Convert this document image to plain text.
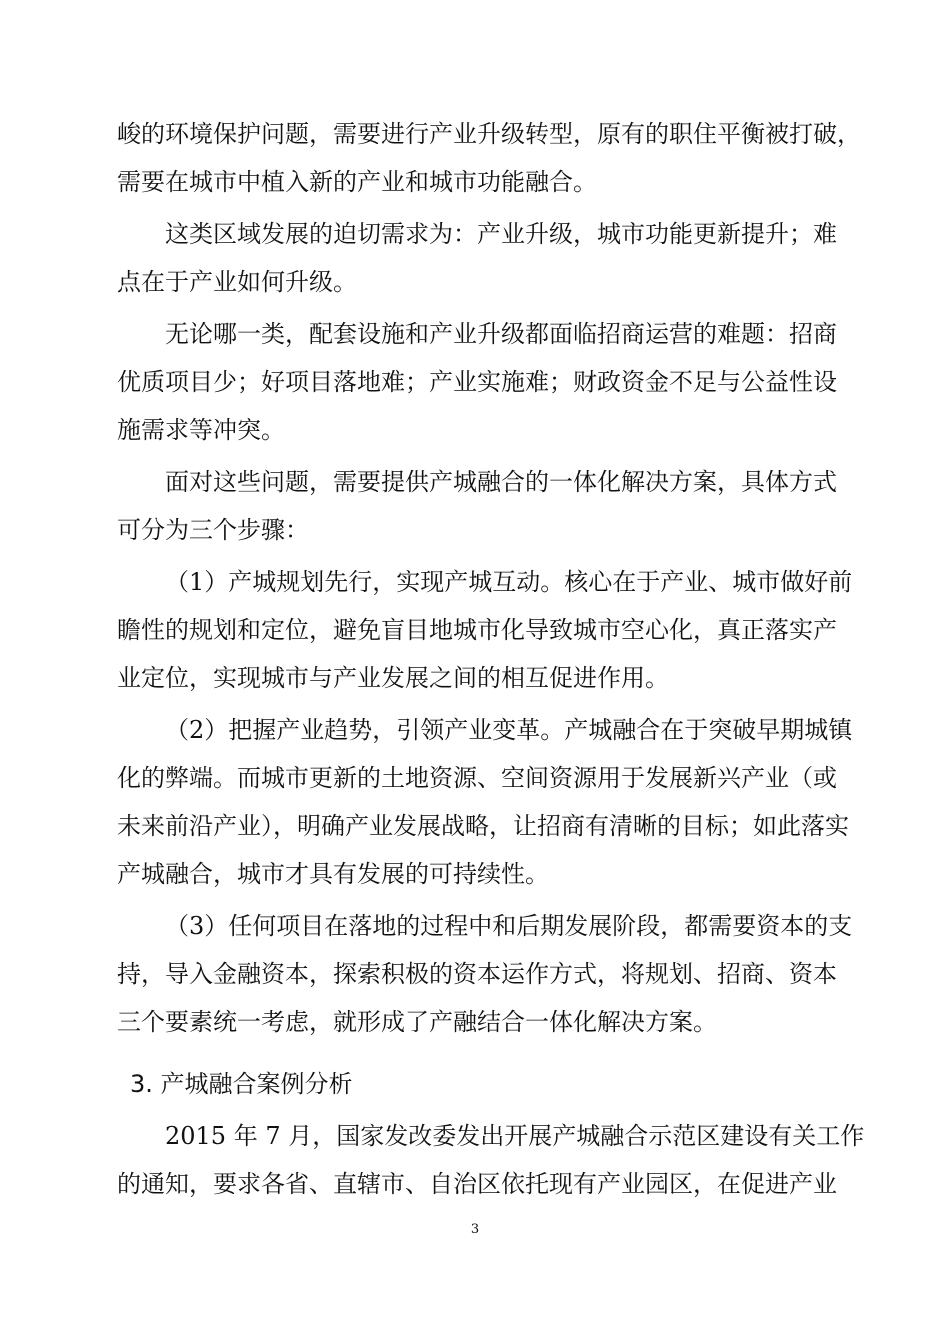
峻的环境保护问题，需要进行产业升级转型，原有的职住平衡被打破，
需要在城市中植入新的产业和城市功能融合。
这类区域发展的迫切需求为：产业升级，城市功能更新提升；难
点在于产业如何升级。
无论哪一类，配套设施和产业升级都面临招商运营的难题：招商
优质项目少；好项目落地难；产业实施难；财政资金不足与公益性设
施需求等冲突。
面对这些问题，需要提供产城融合的一体化解决方案，具体方式
可分为三个步骤：
（1）产城规划先行，实现产城互动。核心在于产业、城市做好前
瞻性的规划和定位，避免盲目地城市化导致城市空心化，真正落实产
业定位，实现城市与产业发展之间的相互促进作用。
（2）把握产业趋势，引领产业变革。产城融合在于突破早期城镇
化的弊端。而城市更新的土地资源、空间资源用于发展新兴产业（或
未来前沿产业），明确产业发展战略，让招商有清晰的目标；如此落实
产城融合，城市才具有发展的可持续性。
（3）任何项目在落地的过程中和后期发展阶段，都需要资本的支
持，导入金融资本，探索积极的资本运作方式，将规划、招商、资本
三个要素统一考虑，就形成了产融结合一体化解决方案。
3. 产城融合案例分析
2015 年 7 月，国家发改委发出开展产城融合示范区建设有关工作
的通知，要求各省、直辖市、自治区依托现有产业园区，在促进产业
3
